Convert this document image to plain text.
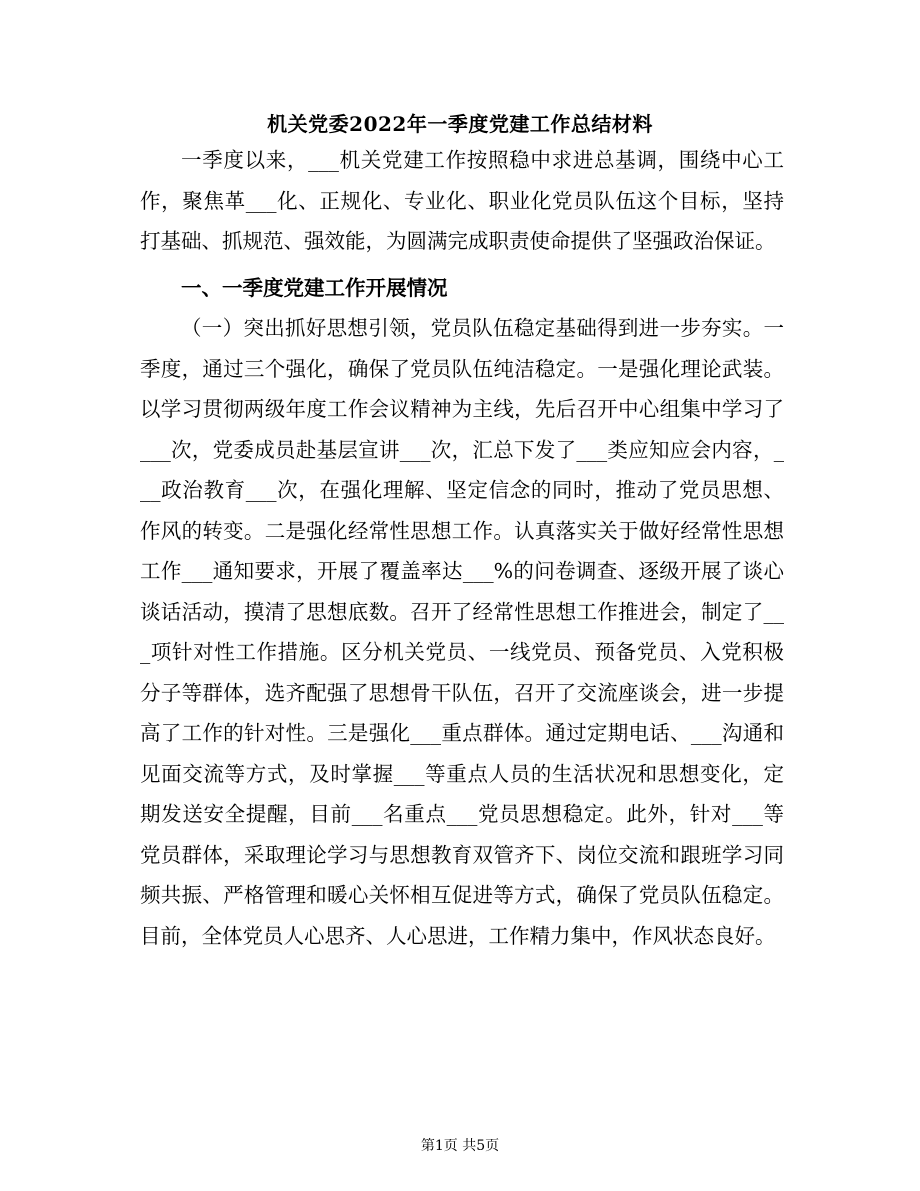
机关党委2022年一季度党建工作总结材料

一季度以来，___机关党建工作按照稳中求进总基调，围绕中心工作，聚焦革___化、正规化、专业化、职业化党员队伍这个目标，坚持打基础、抓规范、强效能，为圆满完成职责使命提供了坚强政治保证。

一、一季度党建工作开展情况

（一）突出抓好思想引领，党员队伍稳定基础得到进一步夯实。一季度，通过三个强化，确保了党员队伍纯洁稳定。一是强化理论武装。以学习贯彻两级年度工作会议精神为主线，先后召开中心组集中学习了___次，党委成员赴基层宣讲___次，汇总下发了___类应知应会内容，___政治教育___次，在强化理解、坚定信念的同时，推动了党员思想、作风的转变。二是强化经常性思想工作。认真落实关于做好经常性思想工作___通知要求，开展了覆盖率达___%的问卷调查、逐级开展了谈心谈话活动，摸清了思想底数。召开了经常性思想工作推进会，制定了___项针对性工作措施。区分机关党员、一线党员、预备党员、入党积极分子等群体，选齐配强了思想骨干队伍，召开了交流座谈会，进一步提高了工作的针对性。三是强化___重点群体。通过定期电话、___沟通和见面交流等方式，及时掌握___等重点人员的生活状况和思想变化，定期发送安全提醒，目前___名重点___党员思想稳定。此外，针对___等党员群体，采取理论学习与思想教育双管齐下、岗位交流和跟班学习同频共振、严格管理和暖心关怀相互促进等方式，确保了党员队伍稳定。目前，全体党员人心思齐、人心思进，工作精力集中，作风状态良好。

第1页 共5页
